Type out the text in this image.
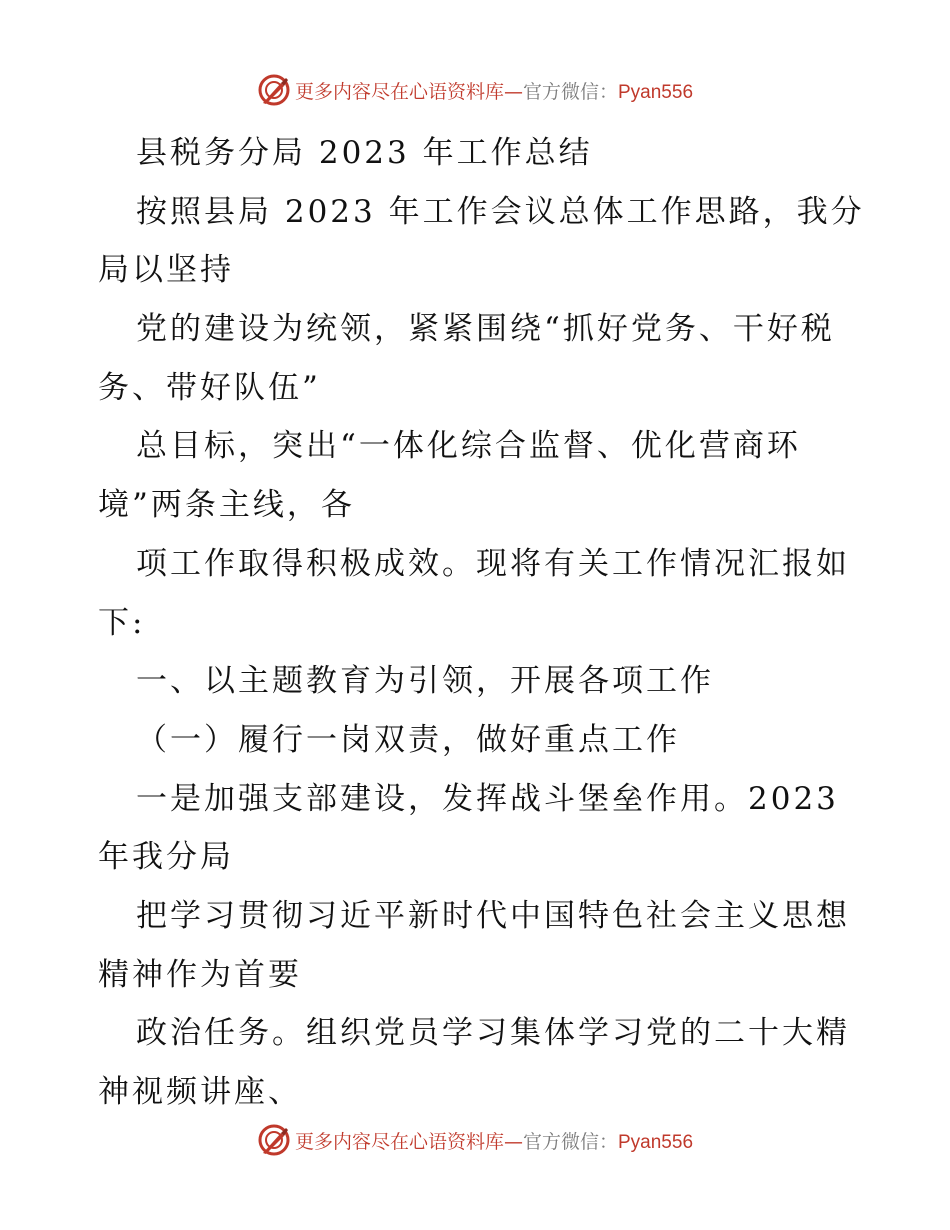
更多内容尽在心语资料库—官方微信：Pyan556
县税务分局 2023 年工作总结
按照县局 2023 年工作会议总体工作思路，我分
局以坚持
党的建设为统领，紧紧围绕“抓好党务、干好税
务、带好队伍”
总目标，突出“一体化综合监督、优化营商环
境”两条主线，各
项工作取得积极成效。现将有关工作情况汇报如
下:
一、以主题教育为引领，开展各项工作
（一）履行一岗双责，做好重点工作
一是加强支部建设，发挥战斗堡垒作用。2023
年我分局
把学习贯彻习近平新时代中国特色社会主义思想
精神作为首要
政治任务。组织党员学习集体学习党的二十大精
神视频讲座、
更多内容尽在心语资料库—官方微信：Pyan556
